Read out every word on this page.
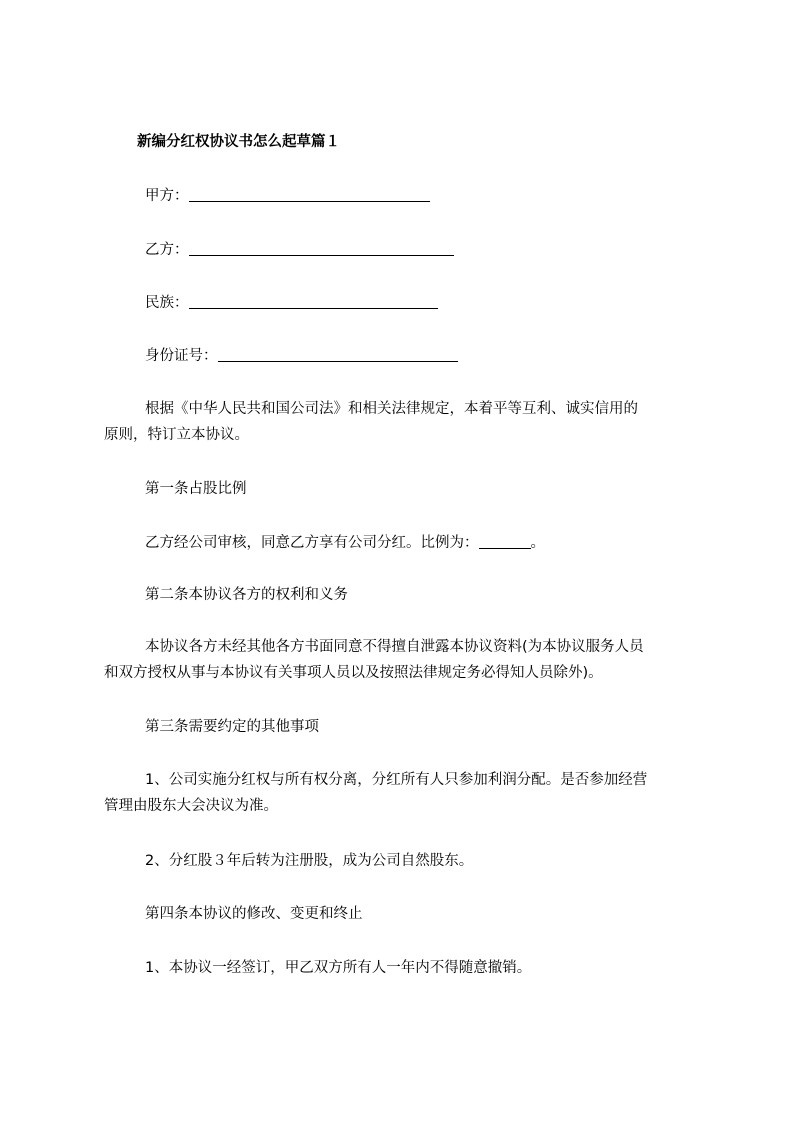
新编分红权协议书怎么起草篇１
甲方：
乙方：
民族：
身份证号：
根据《中华人民共和国公司法》和相关法律规定，本着平等互利、诚实信用的
原则，特订立本协议。
第一条占股比例
乙方经公司审核，同意乙方享有公司分红。比例为：	。
第二条本协议各方的权利和义务
本协议各方未经其他各方书面同意不得擅自泄露本协议资料(为本协议服务人员
和双方授权从事与本协议有关事项人员以及按照法律规定务必得知人员除外)。
第三条需要约定的其他事项
1、公司实施分红权与所有权分离，分红所有人只参加利润分配。是否参加经营
管理由股东大会决议为准。
2、分红股３年后转为注册股，成为公司自然股东。
第四条本协议的修改、变更和终止
1、本协议一经签订，甲乙双方所有人一年内不得随意撤销。
